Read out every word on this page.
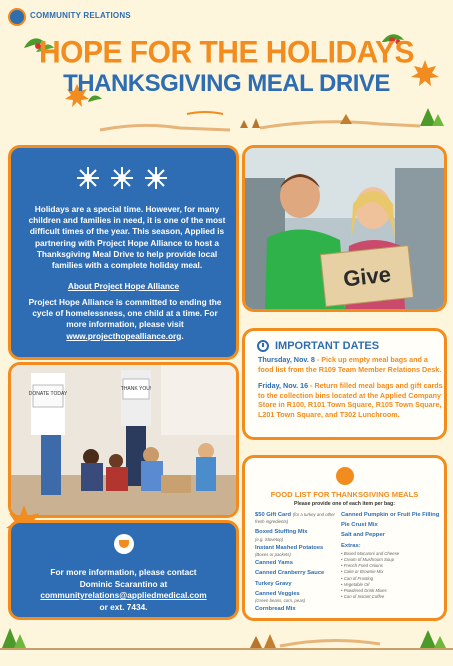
COMMUNITY RELATIONS
HOPE FOR THE HOLIDAYS
THANKSGIVING MEAL DRIVE
Holidays are a special time. However, for many children and families in need, it is one of the most difficult times of the year. This season, Applied is partnering with Project Hope Alliance to host a Thanksgiving Meal Drive to help provide local families with a complete holiday meal.
About Project Hope Alliance
Project Hope Alliance is committed to ending the cycle of homelessness, one child at a time. For more information, please visit www.projecthopealliance.org.
Give
IMPORTANT DATES
Thursday, Nov. 8 - Pick up empty meal bags and a food list from the R109 Team Member Relations Desk.
Friday, Nov. 16 - Return filled meal bags and gift cards to the collection bins located at the Applied Company Store in R100, R101 Town Square, R105 Town Square, L201 Town Square, and T302 Lunchroom.
DONATE TODAY
THANK YOU!
FOOD LIST FOR THANKSGIVING MEALS
Please provide one of each item per bag:
$50 Gift Card (for a turkey and other fresh ingredients)
Boxed Stuffing Mix
(e.g. Stovetop)
Instant Mashed Potatoes
(Boxes or packets)
Canned Yams
Canned Cranberry Sauce
Turkey Gravy
Canned Veggies
(Green beans, corn, peas)
Cornbread Mix
Canned Pumpkin or Fruit Pie Filling
Pie Crust Mix
Salt and Pepper
Extras:
• Boxed Macaroni and Cheese
• Cream of Mushroom Soup
• French Fried Onions
• Cake or Brownie Mix
• Can of Frosting
• Vegetable Oil
• Powdered Drink Mixes
• Can of Instant Coffee
For more information, please contact
Dominic Scarantino at
communityrelations@appliedmedical.com
or ext. 7434.
